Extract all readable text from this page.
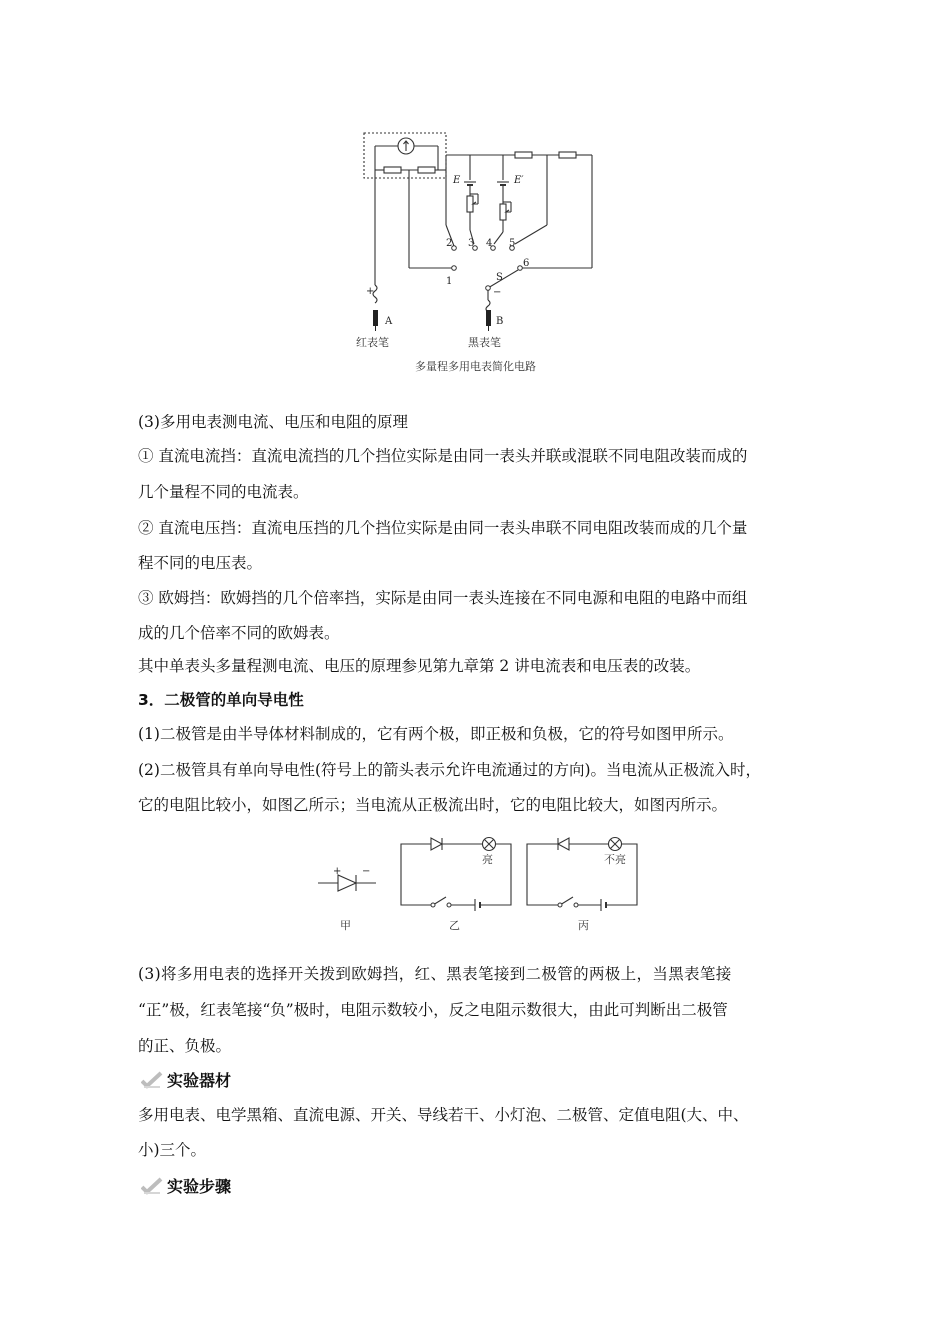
E	E′
1
2 3 4 5
6
S
+	−
A	B
红表笔	黑表笔
多量程多用电表简化电路
(3)多用电表测电流、电压和电阻的原理
① 直流电流挡：直流电流挡的几个挡位实际是由同一表头并联或混联不同电阻改装而成的
几个量程不同的电流表。
② 直流电压挡：直流电压挡的几个挡位实际是由同一表头串联不同电阻改装而成的几个量
程不同的电压表。
③ 欧姆挡：欧姆挡的几个倍率挡，实际是由同一表头连接在不同电源和电阻的电路中而组
成的几个倍率不同的欧姆表。
其中单表头多量程测电流、电压的原理参见第九章第 2 讲电流表和电压表的改装。
3．二极管的单向导电性
(1)二极管是由半导体材料制成的，它有两个极，即正极和负极，它的符号如图甲所示。
(2)二极管具有单向导电性(符号上的箭头表示允许电流通过的方向)。当电流从正极流入时，
它的电阻比较小，如图乙所示；当电流从正极流出时，它的电阻比较大，如图丙所示。
+ −
亮	不亮
甲	乙	丙
(3)将多用电表的选择开关拨到欧姆挡，红、黑表笔接到二极管的两极上，当黑表笔接
“正”极，红表笔接“负”极时，电阻示数较小，反之电阻示数很大，由此可判断出二极管
的正、负极。
实验器材
多用电表、电学黑箱、直流电源、开关、导线若干、小灯泡、二极管、定值电阻(大、中、
小)三个。
实验步骤
